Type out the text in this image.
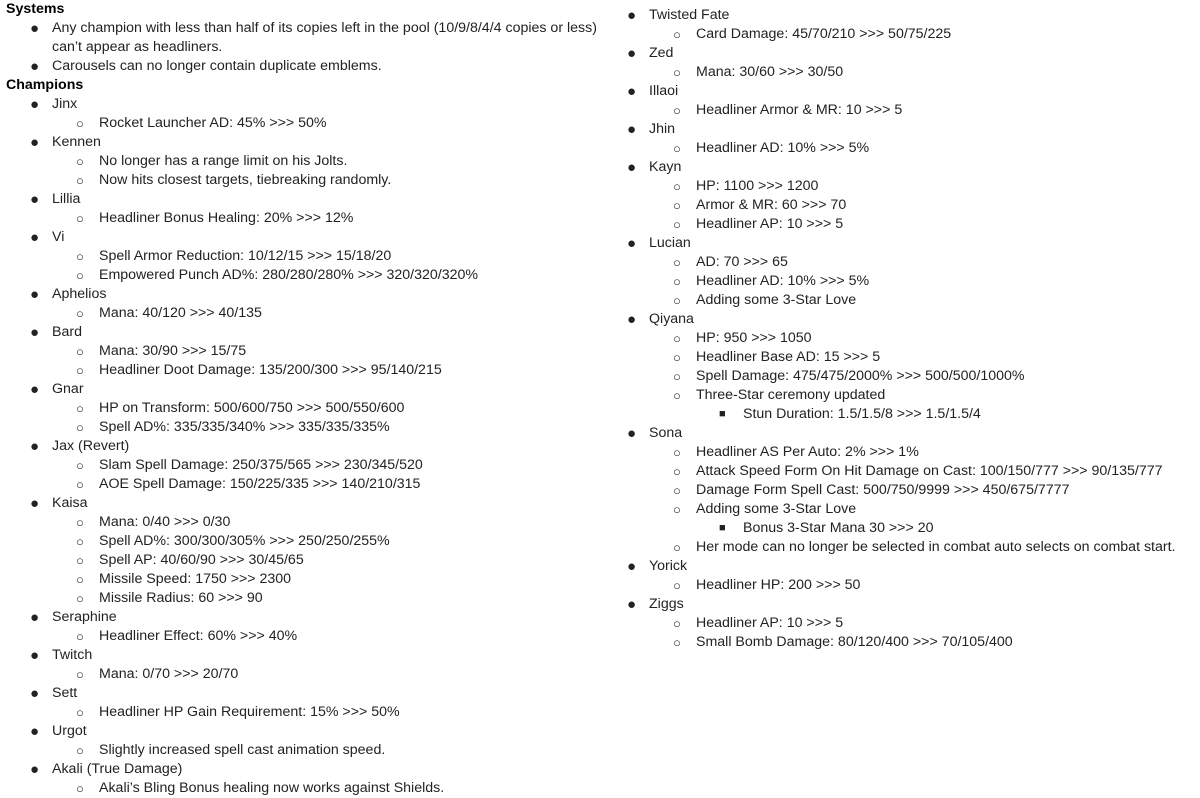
Systems
● Any champion with less than half of its copies left in the pool (10/9/8/4/4 copies or less) can’t appear as headliners.
● Carousels can no longer contain duplicate emblems.
Champions
● Jinx
○ Rocket Launcher AD: 45% >>> 50%
● Kennen
○ No longer has a range limit on his Jolts.
○ Now hits closest targets, tiebreaking randomly.
● Lillia
○ Headliner Bonus Healing: 20% >>> 12%
● Vi
○ Spell Armor Reduction: 10/12/15 >>> 15/18/20
○ Empowered Punch AD%: 280/280/280% >>> 320/320/320%
● Aphelios
○ Mana: 40/120 >>> 40/135
● Bard
○ Mana: 30/90 >>> 15/75
○ Headliner Doot Damage: 135/200/300 >>> 95/140/215
● Gnar
○ HP on Transform: 500/600/750 >>> 500/550/600
○ Spell AD%: 335/335/340% >>> 335/335/335%
● Jax (Revert)
○ Slam Spell Damage: 250/375/565 >>> 230/345/520
○ AOE Spell Damage: 150/225/335 >>> 140/210/315
● Kaisa
○ Mana: 0/40 >>> 0/30
○ Spell AD%: 300/300/305% >>> 250/250/255%
○ Spell AP: 40/60/90 >>> 30/45/65
○ Missile Speed: 1750 >>> 2300
○ Missile Radius: 60 >>> 90
● Seraphine
○ Headliner Effect: 60% >>> 40%
● Twitch
○ Mana: 0/70 >>> 20/70
● Sett
○ Headliner HP Gain Requirement: 15% >>> 50%
● Urgot
○ Slightly increased spell cast animation speed.
● Akali (True Damage)
○ Akali’s Bling Bonus healing now works against Shields.
● Twisted Fate
○ Card Damage: 45/70/210 >>> 50/75/225
● Zed
○ Mana: 30/60 >>> 30/50
● Illaoi
○ Headliner Armor & MR: 10 >>> 5
● Jhin
○ Headliner AD: 10% >>> 5%
● Kayn
○ HP: 1100 >>> 1200
○ Armor & MR: 60 >>> 70
○ Headliner AP: 10 >>> 5
● Lucian
○ AD: 70 >>> 65
○ Headliner AD: 10% >>> 5%
○ Adding some 3-Star Love
● Qiyana
○ HP: 950 >>> 1050
○ Headliner Base AD: 15 >>> 5
○ Spell Damage: 475/475/2000% >>> 500/500/1000%
○ Three-Star ceremony updated
■ Stun Duration: 1.5/1.5/8 >>> 1.5/1.5/4
● Sona
○ Headliner AS Per Auto: 2% >>> 1%
○ Attack Speed Form On Hit Damage on Cast: 100/150/777 >>> 90/135/777
○ Damage Form Spell Cast: 500/750/9999 >>> 450/675/7777
○ Adding some 3-Star Love
■ Bonus 3-Star Mana 30 >>> 20
○ Her mode can no longer be selected in combat auto selects on combat start.
● Yorick
○ Headliner HP: 200 >>> 50
● Ziggs
○ Headliner AP: 10 >>> 5
○ Small Bomb Damage: 80/120/400 >>> 70/105/400
